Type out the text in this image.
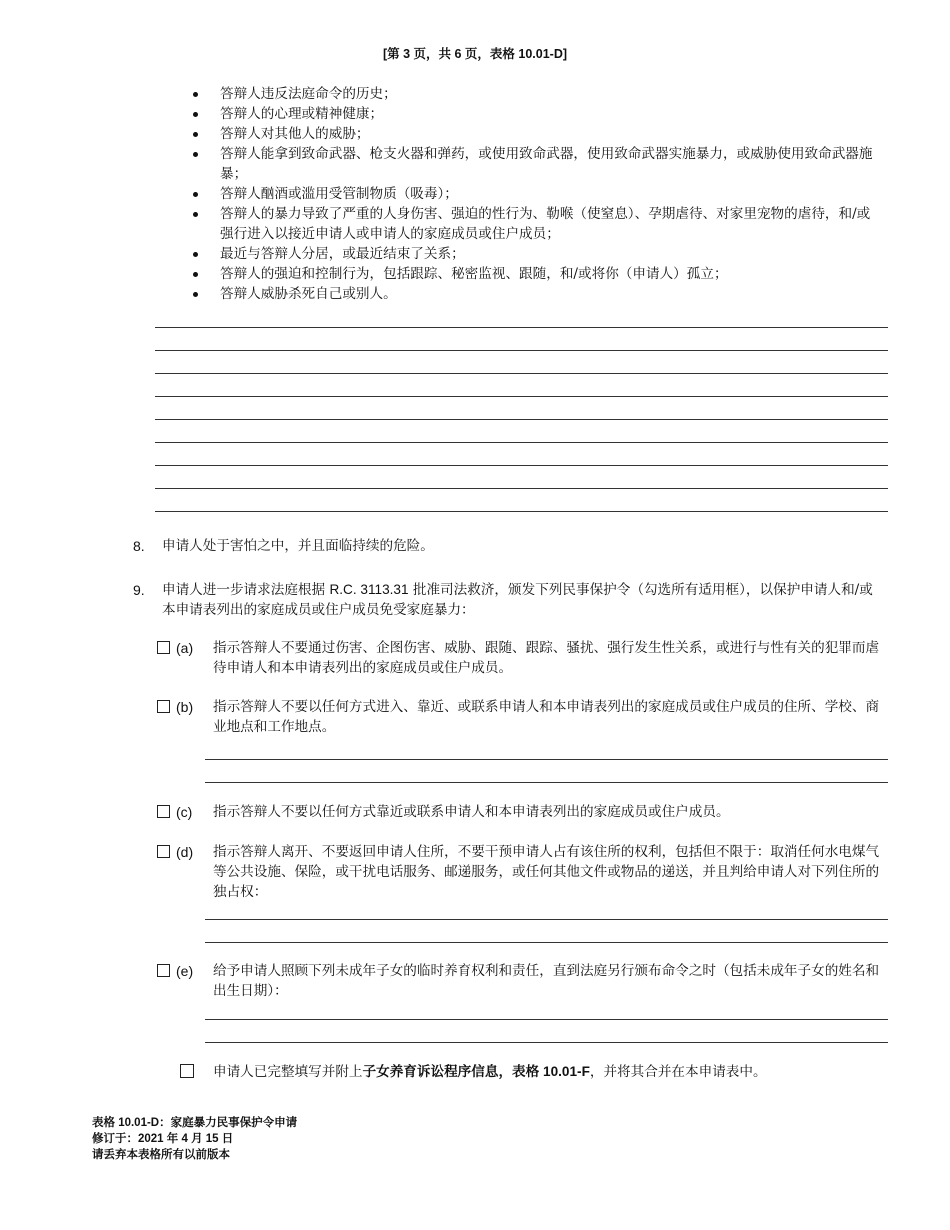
[第 3 页，共 6 页，表格 10.01-D]
答辩人违反法庭命令的历史；
答辩人的心理或精神健康；
答辩人对其他人的威胁；
答辩人能拿到致命武器、枪支火器和弹药，或使用致命武器，使用致命武器实施暴力，或威胁使用致命武器施暴；
答辩人酗酒或滥用受管制物质（吸毒）；
答辩人的暴力导致了严重的人身伤害、强迫的性行为、勒喉（使窒息）、孕期虐待、对家里宠物的虐待，和/或强行进入以接近申请人或申请人的家庭成员或住户成员；
最近与答辩人分居，或最近结束了关系；
答辩人的强迫和控制行为，包括跟踪、秘密监视、跟随，和/或将你（申请人）孤立；
答辩人威胁杀死自己或别人。
8. 申请人处于害怕之中，并且面临持续的危险。
9. 申请人进一步请求法庭根据 R.C. 3113.31 批准司法救济，颁发下列民事保护令（勾选所有适用框），以保护申请人和/或本申请表列出的家庭成员或住户成员免受家庭暴力：
(a) 指示答辩人不要通过伤害、企图伤害、威胁、跟随、跟踪、骚扰、强行发生性关系，或进行与性有关的犯罪而虐待申请人和本申请表列出的家庭成员或住户成员。
(b) 指示答辩人不要以任何方式进入、靠近、或联系申请人和本申请表列出的家庭成员或住户成员的住所、学校、商业地点和工作地点。
(c) 指示答辩人不要以任何方式靠近或联系申请人和本申请表列出的家庭成员或住户成员。
(d) 指示答辩人离开、不要返回申请人住所，不要干预申请人占有该住所的权利，包括但不限于：取消任何水电煤气等公共设施、保险，或干扰电话服务、邮递服务，或任何其他文件或物品的递送，并且判给申请人对下列住所的独占权：
(e) 给予申请人照顾下列未成年子女的临时养育权利和责任，直到法庭另行颁布命令之时（包括未成年子女的姓名和出生日期）：
申请人已完整填写并附上子女养育诉讼程序信息，表格 10.01-F，并将其合并在本申请表中。
表格 10.01-D：家庭暴力民事保护令申请
修订于：2021 年 4 月 15 日
请丢弃本表格所有以前版本
